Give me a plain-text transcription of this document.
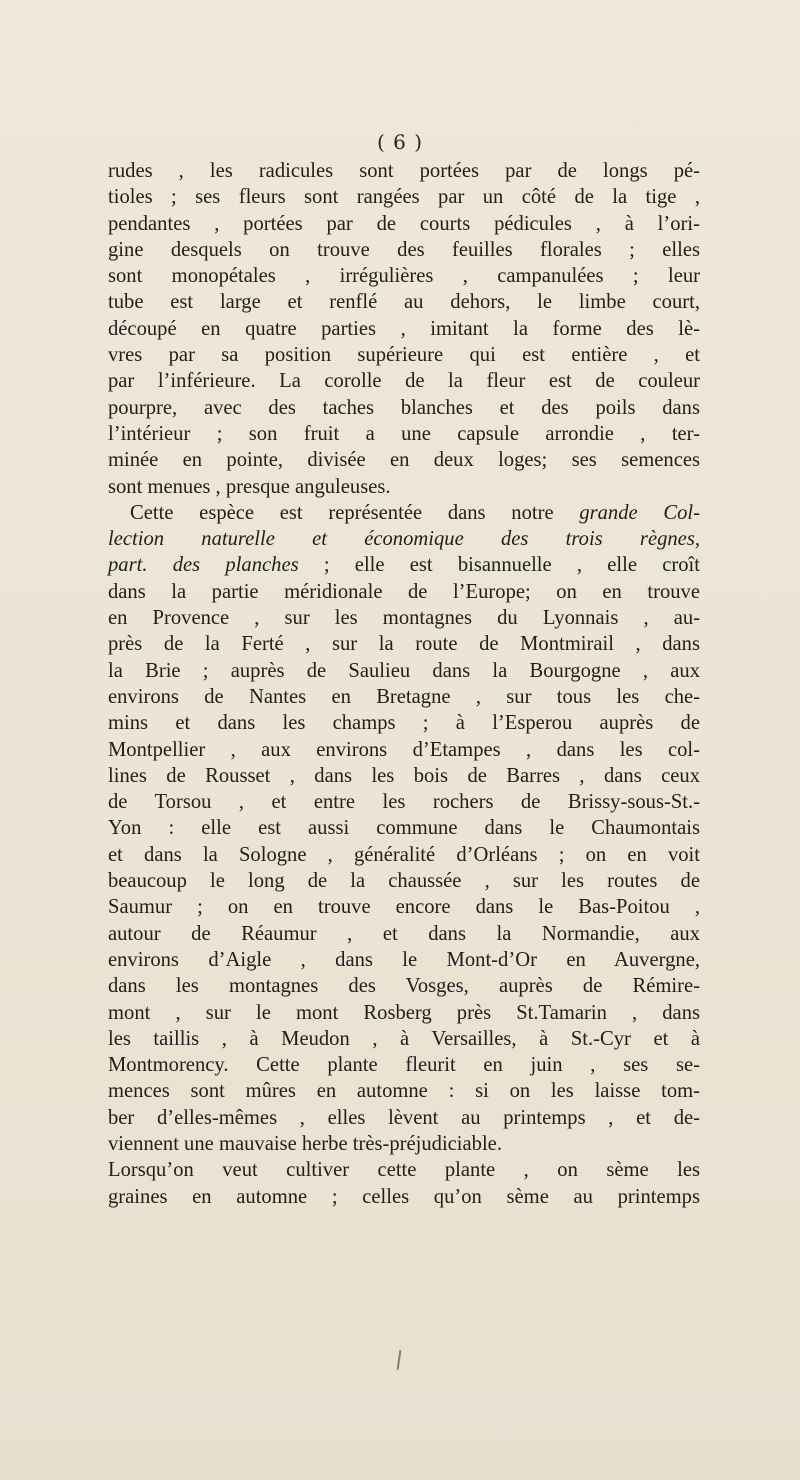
( 6 )
rudes , les radicules sont portées par de longs pé-
tioles ; ses fleurs sont rangées par un côté de la tige ,
pendantes , portées par de courts pédicules , à l’ori-
gine desquels on trouve des feuilles florales ; elles
sont monopétales , irrégulières , campanulées ; leur
tube est large et renflé au dehors, le limbe court,
découpé en quatre parties , imitant la forme des lè-
vres par sa position supérieure qui est entière , et
par l’inférieure. La corolle de la fleur est de couleur
pourpre, avec des taches blanches et des poils dans
l’intérieur ; son fruit a une capsule arrondie , ter-
minée en pointe, divisée en deux loges; ses semences
sont menues , presque anguleuses.
Cette espèce est représentée dans notre grande Col-
lection naturelle et économique des trois règnes,
part. des planches ; elle est bisannuelle , elle croît
dans la partie méridionale de l’Europe; on en trouve
en Provence , sur les montagnes du Lyonnais , au-
près de la Ferté , sur la route de Montmirail , dans
la Brie ; auprès de Saulieu dans la Bourgogne , aux
environs de Nantes en Bretagne , sur tous les che-
mins et dans les champs ; à l’Esperou auprès de
Montpellier , aux environs d’Etampes , dans les col-
lines de Rousset , dans les bois de Barres , dans ceux
de Torsou , et entre les rochers de Brissy-sous-St.-
Yon : elle est aussi commune dans le Chaumontais
et dans la Sologne , généralité d’Orléans ; on en voit
beaucoup le long de la chaussée , sur les routes de
Saumur ; on en trouve encore dans le Bas-Poitou ,
autour de Réaumur , et dans la Normandie, aux
environs d’Aigle , dans le Mont-d’Or en Auvergne,
dans les montagnes des Vosges, auprès de Rémire-
mont , sur le mont Rosberg près St.Tamarin , dans
les taillis , à Meudon , à Versailles, à St.-Cyr et à
Montmorency. Cette plante fleurit en juin , ses se-
mences sont mûres en automne : si on les laisse tom-
ber d’elles-mêmes , elles lèvent au printemps , et de-
viennent une mauvaise herbe très-préjudiciable.
Lorsqu’on veut cultiver cette plante , on sème les
graines en automne ; celles qu’on sème au printemps
